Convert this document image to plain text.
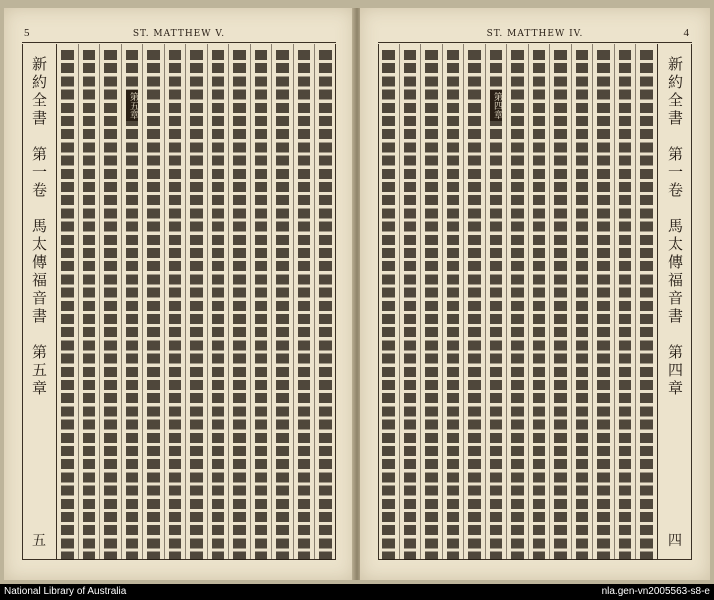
5	ST. MATTHEW V.
新約全書　第一卷　馬太傳福音書　第五章
五
第五章
ST. MATTHEW IV.	4
新約全書　第一卷　馬太傳福音書　第四章
四
第四章
National Library of Australia	nla.gen-vn2005563-s8-e
